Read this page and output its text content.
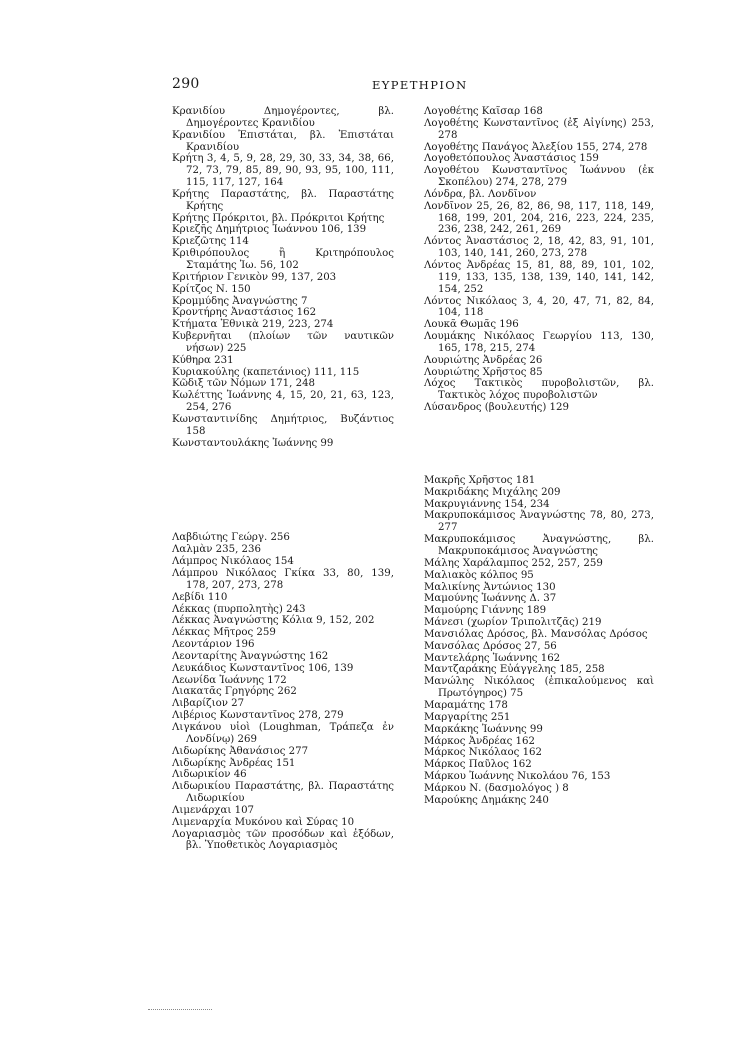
290	ΕΥΡΕΤΗΡΙΟΝ
Κρανιδίου Δημογέροντες, βλ. Δημογέροντες Κρανιδίου
Κρανιδίου Ἐπιστάται, βλ. Ἐπιστάται Κρανιδίου
Κρήτη 3, 4, 5, 9, 28, 29, 30, 33, 34, 38, 66, 72, 73, 79, 85, 89, 90, 93, 95, 100, 111, 115, 117, 127, 164
Κρήτης Παραστάτης, βλ. Παραστάτης Κρήτης
Κρήτης Πρόκριτοι, βλ. Πρόκριτοι Κρήτης
Κριεζῆς Δημήτριος Ἰωάννου 106, 139
Κριεζῶτης 114
Κριθιρόπουλος ἢ Κριτηρόπουλος Σταμάτης Ἰω. 56, 102
Κριτήριον Γενικὸν 99, 137, 203
Κρίτζος Ν. 150
Κρομμύδης Ἀναγνώστης 7
Κροντήρης Ἀναστάσιος 162
Κτήματα Ἐθνικὰ 219, 223, 274
Κυβερνῆται (πλοίων τῶν ναυτικῶν νήσων) 225
Κύθηρα 231
Κυριακούλης (καπετάνιος) 111, 115
Κῶδιξ τῶν Νόμων 171, 248
Κωλέττης Ἰωάννης 4, 15, 20, 21, 63, 123, 254, 276
Κωνσταντινίδης Δημήτριος, Βυζάντιος 158
Κωνσταντουλάκης Ἰωάννης 99
Λαβδιώτης Γεώργ. 256
Λαλμὰν 235, 236
Λάμπρος Νικόλαος 154
Λάμπρου Νικόλαος Γκίκα 33, 80, 139, 178, 207, 273, 278
Λεβίδι 110
Λέκκας (πυρπολητὴς) 243
Λέκκας Ἀναγνώστης Κόλια 9, 152, 202
Λέκκας Μῆτρος 259
Λεοντάριον 196
Λεονταρίτης Ἀναγνώστης 162
Λευκάδιος Κωνσταντῖνος 106, 139
Λεωνίδα Ἰωάννης 172
Λιακατᾶς Γρηγόρης 262
Λιβαρίζιον 27
Λιβέριος Κωνσταντῖνος 278, 279
Λιγκάνου υἱοὶ (Loughman, Τράπεζα ἐν Λονδίνῳ) 269
Λιδωρίκης Ἀθανάσιος 277
Λιδωρίκης Ἀνδρέας 151
Λιδωρικίον 46
Λιδωρικίου Παραστάτης, βλ. Παραστάτης Λιδωρικίου
Λιμενάρχαι 107
Λιμεναρχία Μυκόνου καὶ Σύρας 10
Λογαριασμὸς τῶν προσόδων καὶ ἐξόδων, βλ. Ὑποθετικὸς Λογαριασμὸς
Λογοθέτης Καῖσαρ 168
Λογοθέτης Κωνσταντῖνος (ἐξ Αἰγίνης) 253, 278
Λογοθέτης Πανάγος Ἀλεξίου 155, 274, 278
Λογοθετόπουλος Ἀναστάσιος 159
Λογοθέτου Κωνσταντῖνος Ἰωάννου (ἐκ Σκοπέλου) 274, 278, 279
Λόνδρα, βλ. Λονδῖνον
Λονδῖνον 25, 26, 82, 86, 98, 117, 118, 149, 168, 199, 201, 204, 216, 223, 224, 235, 236, 238, 242, 261, 269
Λόντος Ἀναστάσιος 2, 18, 42, 83, 91, 101, 103, 140, 141, 260, 273, 278
Λόντος Ἀνδρέας 15, 81, 88, 89, 101, 102, 119, 133, 135, 138, 139, 140, 141, 142, 154, 252
Λόντος Νικόλαος 3, 4, 20, 47, 71, 82, 84, 104, 118
Λουκᾶ Θωμᾶς 196
Λουμάκης Νικόλαος Γεωργίου 113, 130, 165, 178, 215, 274
Λουριώτης Ἀνδρέας 26
Λουριώτης Χρῆστος 85
Λόχος Τακτικὸς πυροβολιστῶν, βλ. Τακτικὸς λόχος πυροβολιστῶν
Λύσανδρος (βουλευτής) 129
Μακρῆς Χρῆστος 181
Μακριδάκης Μιχάλης 209
Μακρυγιάννης 154, 234
Μακρυποκάμισος Ἀναγνώστης 78, 80, 273, 277
Μακρυποκάμισος Ἀναγνώστης, βλ. Μακρυποκάμισος Ἀναγνώστης
Μάλης Χαράλαμπος 252, 257, 259
Μαλιακὸς κόλπος 95
Μαλικίνης Ἀντώνιος 130
Μαμούνης Ἰωάννης Δ. 37
Μαμούρης Γιάννης 189
Μάνεσι (χωρίον Τριπολιτζᾶς) 219
Μανσιόλας Δρόσος, βλ. Μανσόλας Δρόσος
Μανσόλας Δρόσος 27, 56
Μαντελάρης Ἰωάννης 162
Μαντζαράκης Εὐάγγελης 185, 258
Μανώλης Νικόλαος (ἐπικαλούμενος καὶ Πρωτόγηρος) 75
Μαραμάτης 178
Μαργαρίτης 251
Μαρκάκης Ἰωάννης 99
Μάρκος Ἀνδρέας 162
Μάρκος Νικόλαος 162
Μάρκος Παῦλος 162
Μάρκου Ἰωάννης Νικολάου 76, 153
Μάρκου Ν. (δασμολόγος ) 8
Μαρούκης Δημάκης 240
